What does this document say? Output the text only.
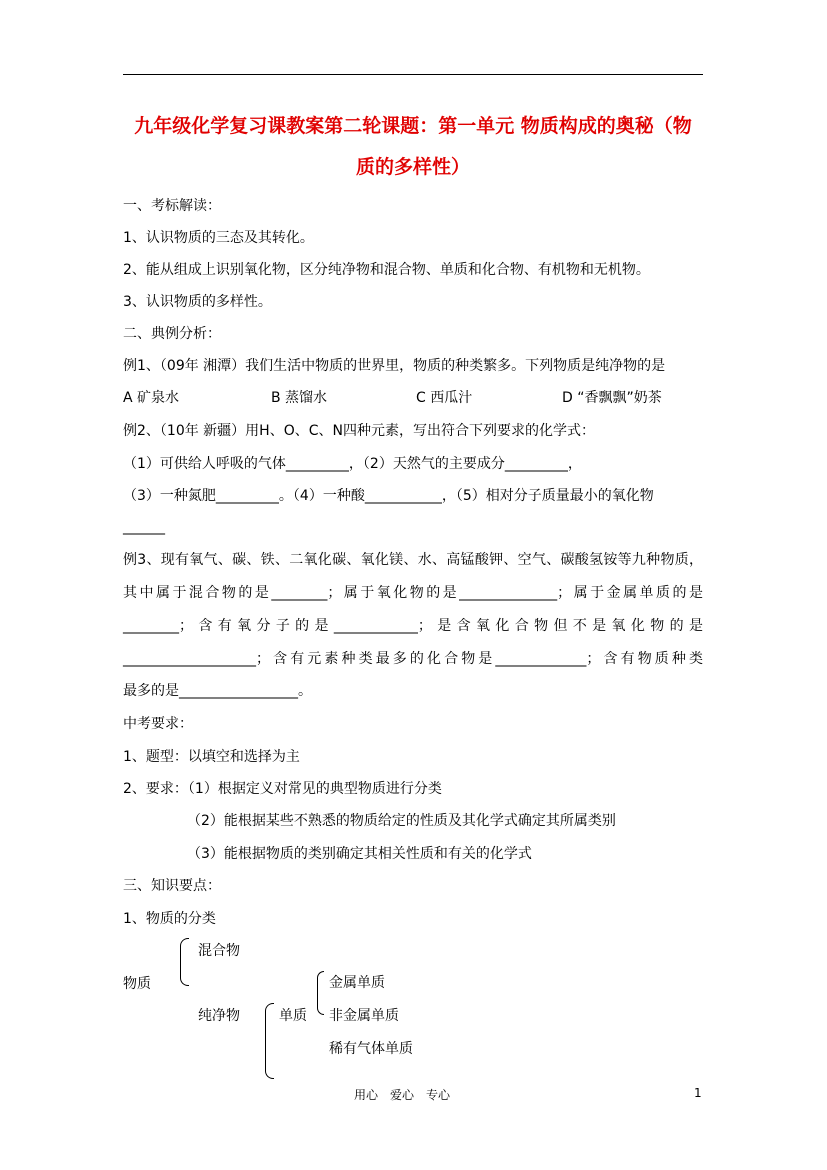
九年级化学复习课教案第二轮课题：第一单元 物质构成的奥秘（物
质的多样性）
一、考标解读：
1、认识物质的三态及其转化。
2、能从组成上识别氧化物，区分纯净物和混合物、单质和化合物、有机物和无机物。
3、认识物质的多样性。
二、典例分析：
例1、（09年 湘潭）我们生活中物质的世界里，物质的种类繁多。下列物质是纯净物的是
A 矿泉水	B 蒸馏水	C 西瓜汁	D “香飘飘”奶茶
例2、（10年 新疆）用H、O、C、N四种元素，写出符合下列要求的化学式：
（1）可供给人呼吸的气体_________，（2）天然气的主要成分_________，
（3）一种氮肥_________。（4）一种酸___________，（5）相对分子质量最小的氧化物
______
例3、现有氧气、碳、铁、二氧化碳、氧化镁、水、高锰酸钾、空气、碳酸氢铵等九种物质，
其中属于混合物的是________；属于氧化物的是______________；属于金属单质的是
________；含有氧分子的是____________；是含氧化合物但不是氧化物的是
___________________；含有元素种类最多的化合物是_____________；含有物质种类
最多的是_________________。
中考要求：
1、题型：以填空和选择为主
2、要求：（1）根据定义对常见的典型物质进行分类
（2）能根据某些不熟悉的物质给定的性质及其化学式确定其所属类别
（3）能根据物质的类别确定其相关性质和有关的化学式
三、知识要点：
1、物质的分类
混合物
物质
纯净物	单质
金属单质
非金属单质
稀有气体单质
用心　爱心　专心	1
